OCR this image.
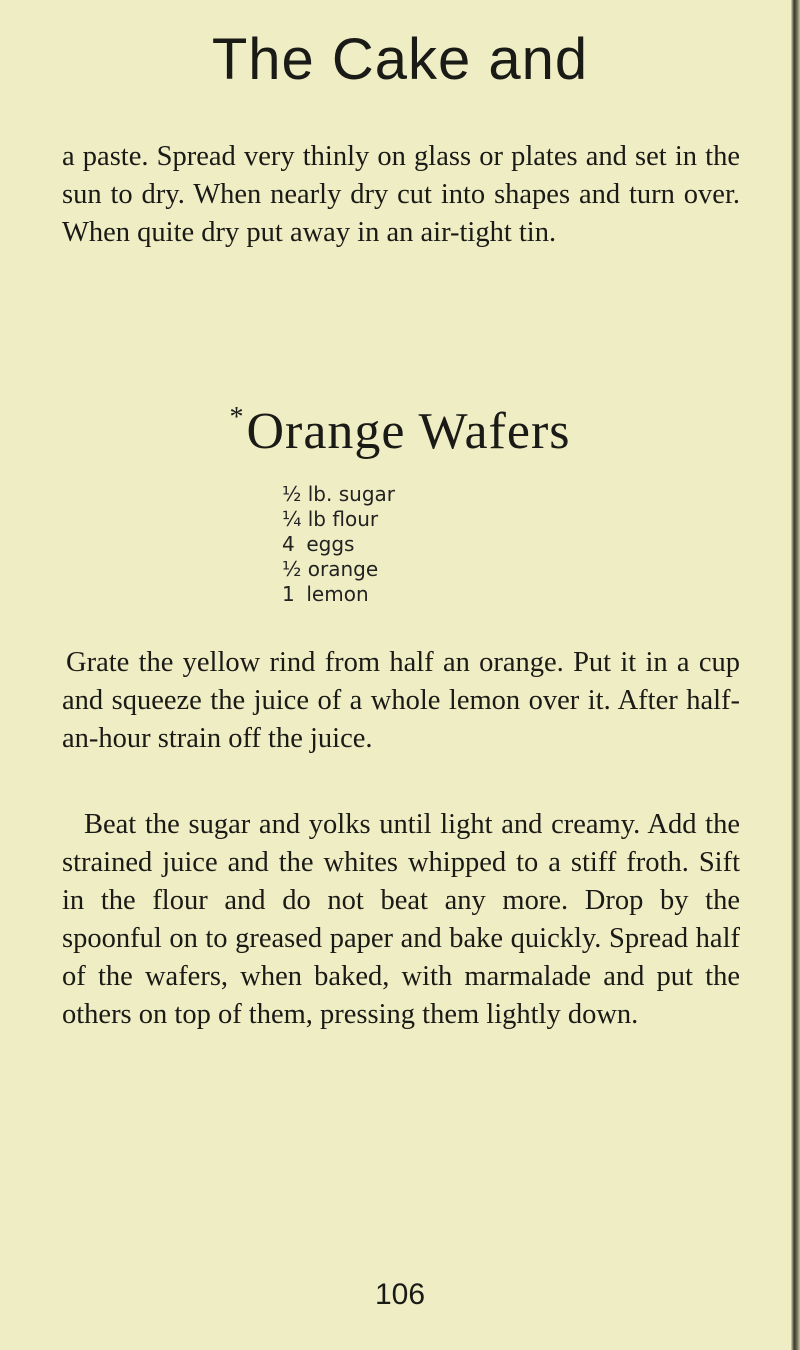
The Cake and

a paste. Spread very thinly on glass or plates and set in the sun to dry. When nearly dry cut into shapes and turn over. When quite dry put away in an air-tight tin.

*Orange Wafers
½ lb. sugar
¼ lb flour
4 eggs
½ orange
1 lemon

Grate the yellow rind from half an orange. Put it in a cup and squeeze the juice of a whole lemon over it. After half-an-hour strain off the juice.

Beat the sugar and yolks until light and creamy. Add the strained juice and the whites whipped to a stiff froth. Sift in the flour and do not beat any more. Drop by the spoonful on to greased paper and bake quickly. Spread half of the wafers, when baked, with marmalade and put the others on top of them, pressing them lightly down.

106
